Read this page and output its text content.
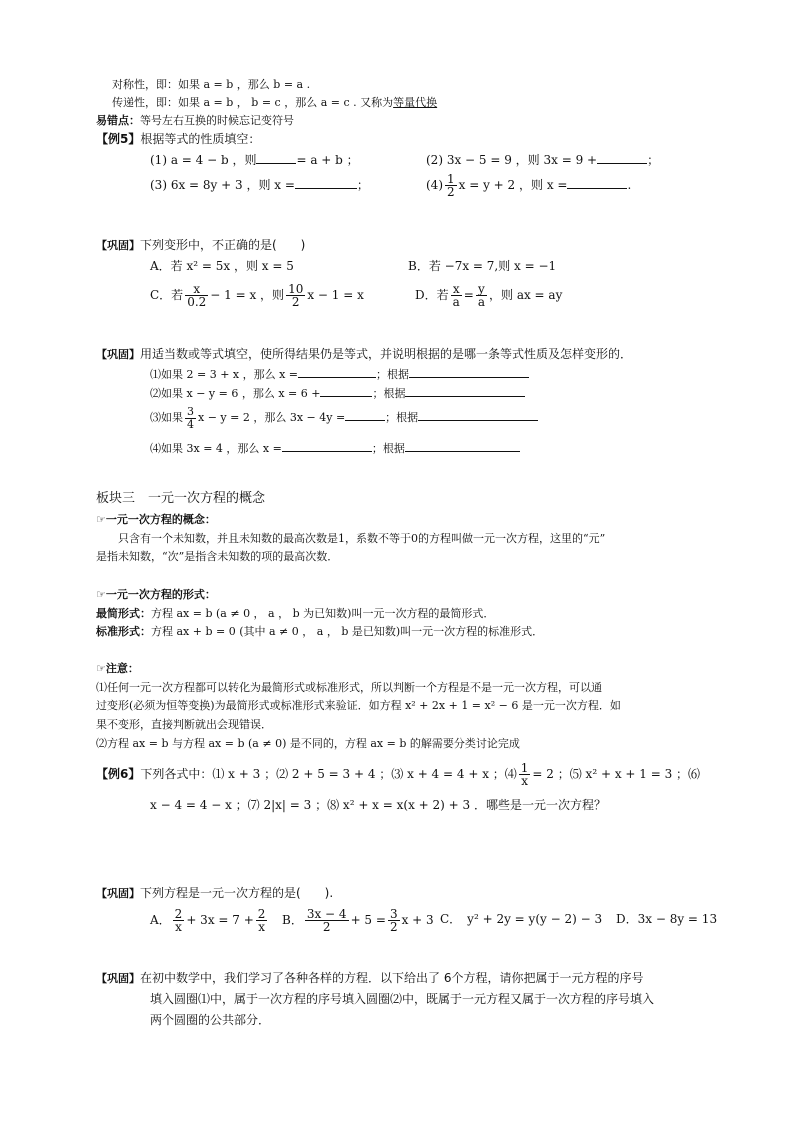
对称性，即：如果 a = b ，那么 b = a .
传递性，即：如果 a = b ， b = c ，那么 a = c . 又称为等量代换
易错点：等号左右互换的时候忘记变符号
【例5】根据等式的性质填空：
(1) a = 4 − b ，则	= a + b ；	(2) 3x − 5 = 9 ，则 3x = 9 +	；
(3) 6x = 8y + 3 ，则 x =	；	$(4) \frac{1}{2}$ x = y + 2 ，则 x =	.
【巩固】下列变形中，不正确的是(　　)
A．若 x² = 5x ，则 x = 5	B．若 −7x = 7,则 x = −1
C．若 $\frac{x}{0.2} - 1 = x$ ，则 $\frac{10}{2}$ x − 1 = x	D．若 $\frac{x}{a} = \frac{y}{a}$ ，则 ax = ay
【巩固】用适当数或等式填空，使所得结果仍是等式，并说明根据的是哪一条等式性质及怎样变形的．
⑴如果 2 = 3 + x ，那么 x =	；根据
⑵如果 x − y = 6 ，那么 x = 6 +	；根据
⑶如果 $\frac{3}{4}$ x − y = 2 ，那么 3x − 4y =	；根据
⑷如果 3x = 4 ，那么 x =	；根据
板块三　一元一次方程的概念
☞一元一次方程的概念：
只含有一个未知数，并且未知数的最高次数是1，系数不等于0的方程叫做一元一次方程，这里的“元”
是指未知数，“次”是指含未知数的项的最高次数．
☞一元一次方程的形式：
最简形式：方程 ax = b (a ≠ 0 ， a ， b 为已知数)叫一元一次方程的最简形式．
标准形式：方程 ax + b = 0 (其中 a ≠ 0 ， a ， b 是已知数)叫一元一次方程的标准形式．
☞注意：
⑴任何一元一次方程都可以转化为最简形式或标准形式，所以判断一个方程是不是一元一次方程，可以通
过变形(必须为恒等变换)为最简形式或标准形式来验证．如方程 x² + 2x + 1 = x² − 6 是一元一次方程．如
果不变形，直接判断就出会现错误．
⑵方程 ax = b 与方程 ax = b (a ≠ 0) 是不同的，方程 ax = b 的解需要分类讨论完成
【例6】下列各式中：⑴ x + 3 ；⑵ 2 + 5 = 3 + 4 ；⑶ x + 4 = 4 + x ；⑷ $\frac{1}{x} = 2$ ；⑸ x² + x + 1 = 3 ；⑹
x − 4 = 4 − x ；⑺ 2|x| = 3 ；⑻ x² + x = x(x + 2) + 3 ．哪些是一元一次方程？
【巩固】下列方程是一元一次方程的是(　　).
A． $\frac{2}{x} + 3x = 7 + \frac{2}{x}$ B． $\frac{3x - 4}{2} + 5 = \frac{3}{2}$ x + 3 C．　y² + 2y = y(y − 2) − 3 D．3x − 8y = 13
【巩固】在初中数学中，我们学习了各种各样的方程．以下给出了 6个方程，请你把属于一元方程的序号
填入圆圈⑴中，属于一次方程的序号填入圆圈⑵中，既属于一元方程又属于一次方程的序号填入
两个圆圈的公共部分．
